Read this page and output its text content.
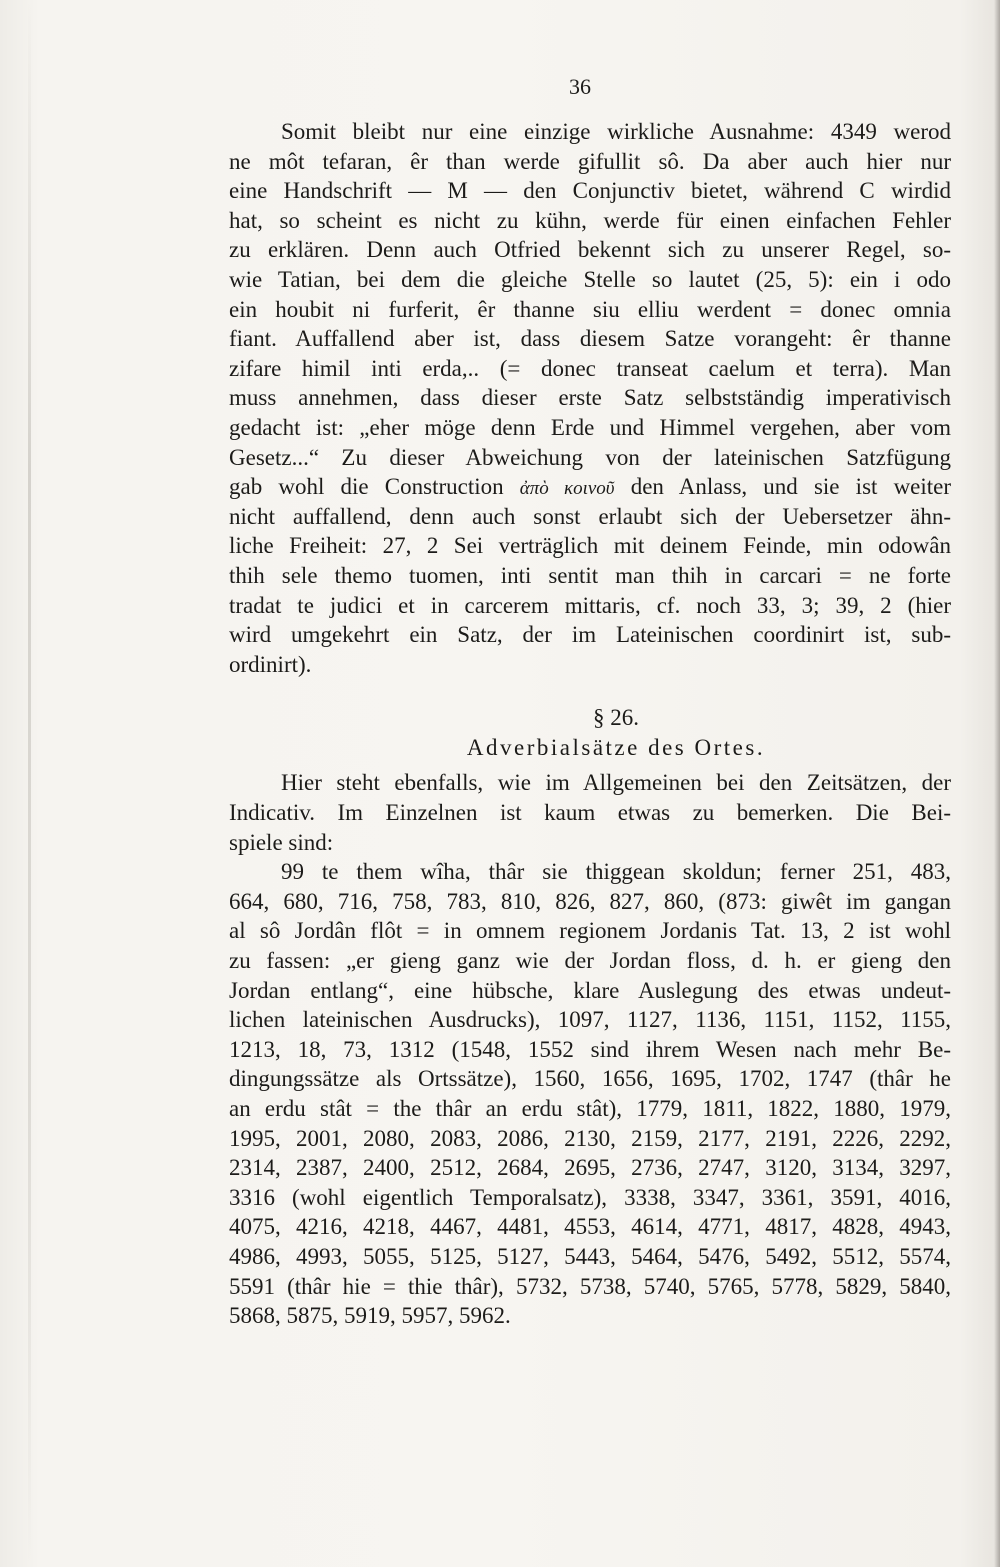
36
Somit bleibt nur eine einzige wirkliche Ausnahme: 4349 werod
ne môt tefaran, êr than werde gifullit sô. Da aber auch hier nur
eine Handschrift — M — den Conjunctiv bietet, während C wirdid
hat, so scheint es nicht zu kühn, werde für einen einfachen Fehler
zu erklären. Denn auch Otfried bekennt sich zu unserer Regel, so-
wie Tatian, bei dem die gleiche Stelle so lautet (25, 5): ein i odo
ein houbit ni furferit, êr thanne siu elliu werdent = donec omnia
fiant. Auffallend aber ist, dass diesem Satze vorangeht: êr thanne
zifare himil inti erda,.. (= donec transeat caelum et terra). Man
muss annehmen, dass dieser erste Satz selbstständig imperativisch
gedacht ist: „eher möge denn Erde und Himmel vergehen, aber vom
Gesetz...“ Zu dieser Abweichung von der lateinischen Satzfügung
gab wohl die Construction ἀπὸ κοινοῦ den Anlass, und sie ist weiter
nicht auffallend, denn auch sonst erlaubt sich der Uebersetzer ähn-
liche Freiheit: 27, 2 Sei verträglich mit deinem Feinde, min odowân
thih sele themo tuomen, inti sentit man thih in carcari = ne forte
tradat te judici et in carcerem mittaris, cf. noch 33, 3; 39, 2 (hier
wird umgekehrt ein Satz, der im Lateinischen coordinirt ist, sub-
ordinirt).
§ 26.
Adverbialsätze des Ortes.
Hier steht ebenfalls, wie im Allgemeinen bei den Zeitsätzen, der
Indicativ. Im Einzelnen ist kaum etwas zu bemerken. Die Bei-
spiele sind:
99 te them wîha, thâr sie thiggean skoldun; ferner 251, 483,
664, 680, 716, 758, 783, 810, 826, 827, 860, (873: giwêt im gangan
al sô Jordân flôt = in omnem regionem Jordanis Tat. 13, 2 ist wohl
zu fassen: „er gieng ganz wie der Jordan floss, d. h. er gieng den
Jordan entlang“, eine hübsche, klare Auslegung des etwas undeut-
lichen lateinischen Ausdrucks), 1097, 1127, 1136, 1151, 1152, 1155,
1213, 18, 73, 1312 (1548, 1552 sind ihrem Wesen nach mehr Be-
dingungssätze als Ortssätze), 1560, 1656, 1695, 1702, 1747 (thâr he
an erdu stât = the thâr an erdu stât), 1779, 1811, 1822, 1880, 1979,
1995, 2001, 2080, 2083, 2086, 2130, 2159, 2177, 2191, 2226, 2292,
2314, 2387, 2400, 2512, 2684, 2695, 2736, 2747, 3120, 3134, 3297,
3316 (wohl eigentlich Temporalsatz), 3338, 3347, 3361, 3591, 4016,
4075, 4216, 4218, 4467, 4481, 4553, 4614, 4771, 4817, 4828, 4943,
4986, 4993, 5055, 5125, 5127, 5443, 5464, 5476, 5492, 5512, 5574,
5591 (thâr hie = thie thâr), 5732, 5738, 5740, 5765, 5778, 5829, 5840,
5868, 5875, 5919, 5957, 5962.
